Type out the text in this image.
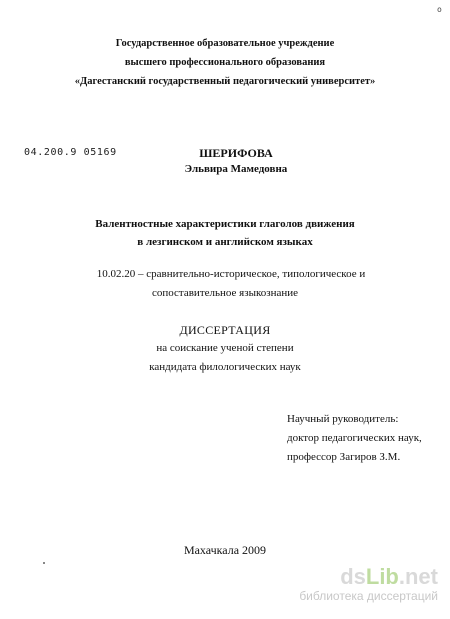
o
Государственное образовательное учреждение
высшего профессионального образования
«Дагестанский государственный педагогический университет»
04.200.9 05169	ШЕРИФОВА
Эльвира Мамедовна
Валентностные характеристики глаголов движения
в лезгинском и английском языках
10.02.20 – сравнительно-историческое, типологическое и
сопоставительное языкознание
ДИССЕРТАЦИЯ
на соискание ученой степени
кандидата филологических наук
Научный руководитель:
доктор педагогических наук,
профессор Загиров З.М.
Махачкала 2009
dsLib.net
библиотека диссертаций
